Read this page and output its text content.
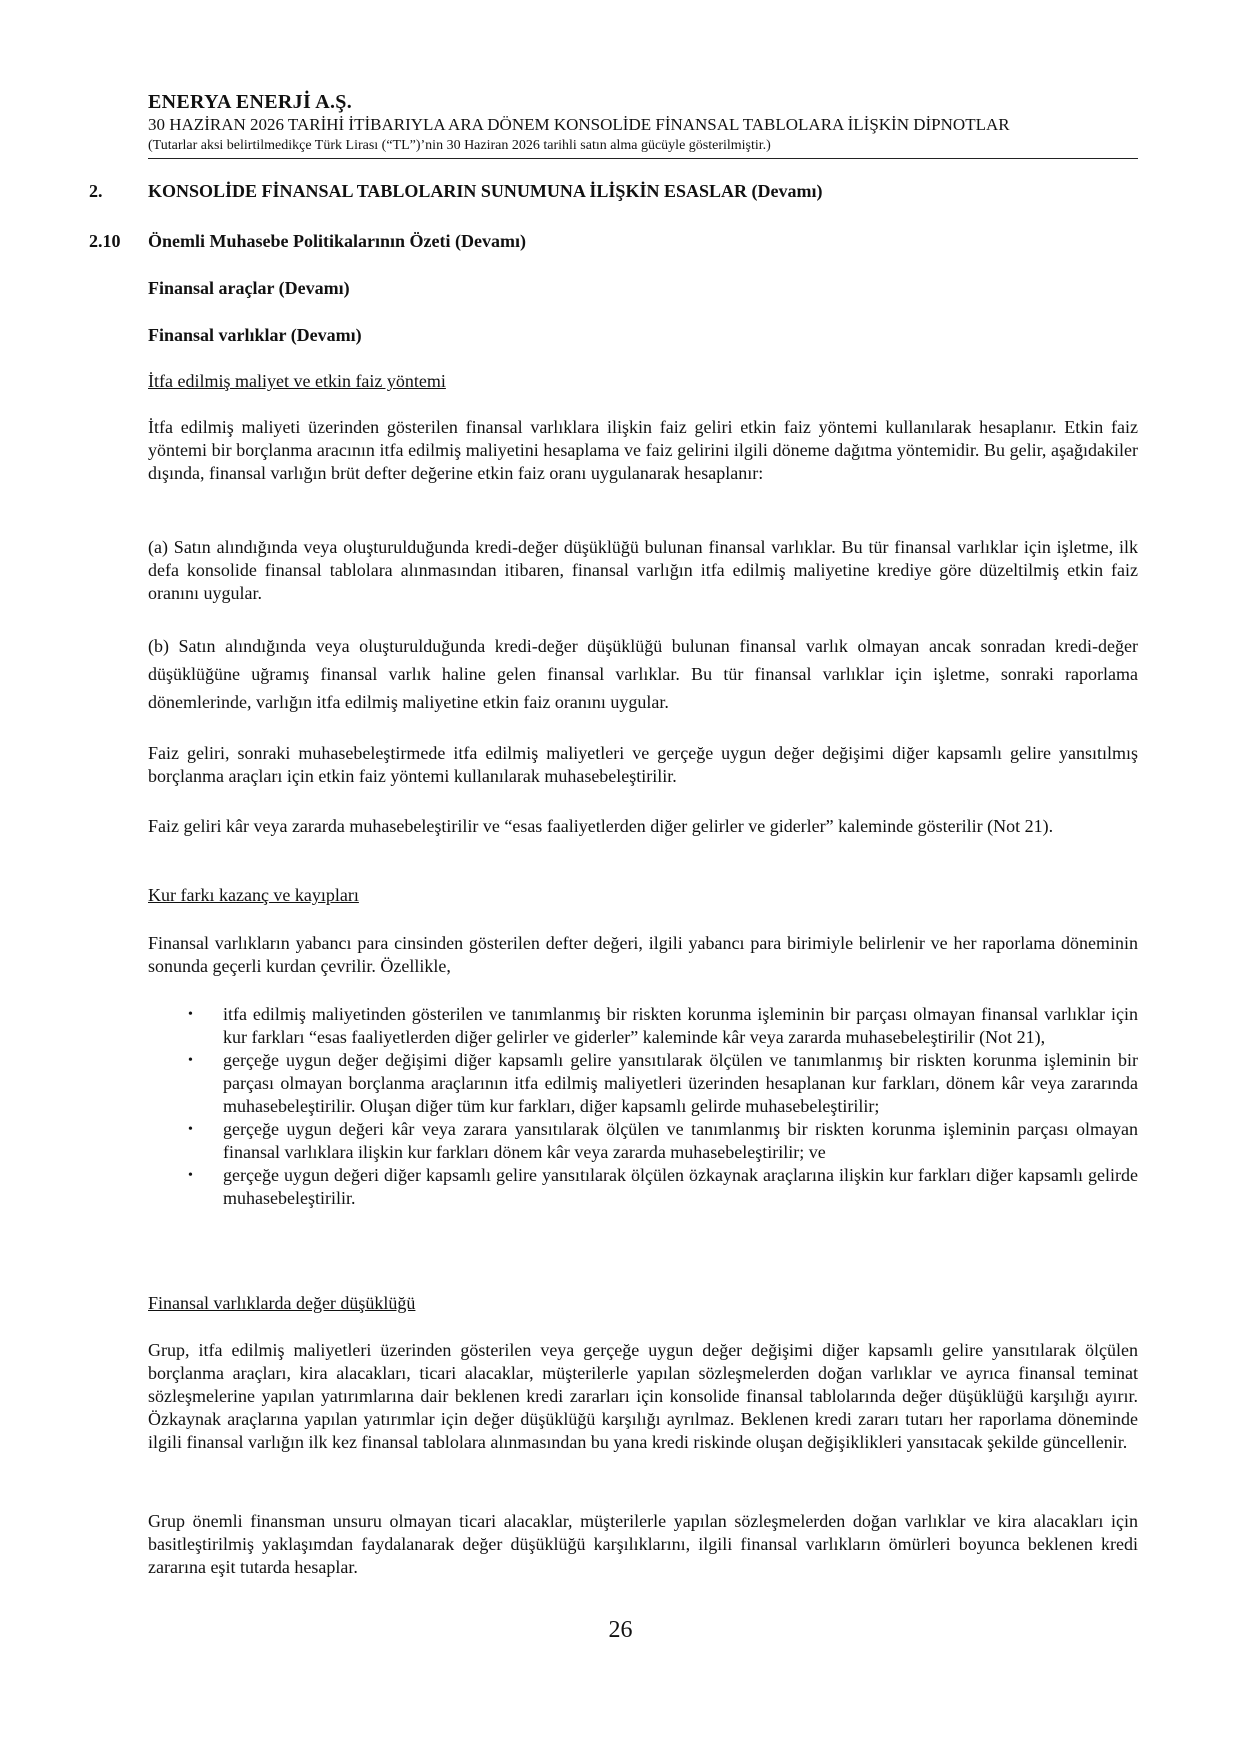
ENERYA ENERJİ A.Ş.
30 HAZİRAN 2026 TARİHİ İTİBARIYLA ARA DÖNEM KONSOLİDE FİNANSAL TABLOLARA İLİŞKİN DİPNOTLAR
(Tutarlar aksi belirtilmedikçe Türk Lirası (“TL”)’nin 30 Haziran 2026 tarihli satın alma gücüyle gösterilmiştir.)
2.	KONSOLİDE FİNANSAL TABLOLARIN SUNUMUNA İLİŞKİN ESASLAR (Devamı)
2.10 Önemli Muhasebe Politikalarının Özeti (Devamı)
Finansal araçlar (Devamı)
Finansal varlıklar (Devamı)
İtfa edilmiş maliyet ve etkin faiz yöntemi
İtfa edilmiş maliyeti üzerinden gösterilen finansal varlıklara ilişkin faiz geliri etkin faiz yöntemi kullanılarak hesaplanır. Etkin faiz yöntemi bir borçlanma aracının itfa edilmiş maliyetini hesaplama ve faiz gelirini ilgili döneme dağıtma yöntemidir. Bu gelir, aşağıdakiler dışında, finansal varlığın brüt defter değerine etkin faiz oranı uygulanarak hesaplanır:
(a) Satın alındığında veya oluşturulduğunda kredi-değer düşüklüğü bulunan finansal varlıklar. Bu tür finansal varlıklar için işletme, ilk defa konsolide finansal tablolara alınmasından itibaren, finansal varlığın itfa edilmiş maliyetine krediye göre düzeltilmiş etkin faiz oranını uygular.
(b) Satın alındığında veya oluşturulduğunda kredi-değer düşüklüğü bulunan finansal varlık olmayan ancak sonradan kredi-değer düşüklüğüne uğramış finansal varlık haline gelen finansal varlıklar. Bu tür finansal varlıklar için işletme, sonraki raporlama dönemlerinde, varlığın itfa edilmiş maliyetine etkin faiz oranını uygular.
Faiz geliri, sonraki muhasebeleştirmede itfa edilmiş maliyetleri ve gerçeğe uygun değer değişimi diğer kapsamlı gelire yansıtılmış borçlanma araçları için etkin faiz yöntemi kullanılarak muhasebeleştirilir.
Faiz geliri kâr veya zararda muhasebeleştirilir ve “esas faaliyetlerden diğer gelirler ve giderler” kaleminde gösterilir (Not 21).
Kur farkı kazanç ve kayıpları
Finansal varlıkların yabancı para cinsinden gösterilen defter değeri, ilgili yabancı para birimiyle belirlenir ve her raporlama döneminin sonunda geçerli kurdan çevrilir. Özellikle,
• itfa edilmiş maliyetinden gösterilen ve tanımlanmış bir riskten korunma işleminin bir parçası olmayan finansal varlıklar için kur farkları “esas faaliyetlerden diğer gelirler ve giderler” kaleminde kâr veya zararda muhasebeleştirilir (Not 21),
• gerçeğe uygun değer değişimi diğer kapsamlı gelire yansıtılarak ölçülen ve tanımlanmış bir riskten korunma işleminin bir parçası olmayan borçlanma araçlarının itfa edilmiş maliyetleri üzerinden hesaplanan kur farkları, dönem kâr veya zararında muhasebeleştirilir. Oluşan diğer tüm kur farkları, diğer kapsamlı gelirde muhasebeleştirilir;
• gerçeğe uygun değeri kâr veya zarara yansıtılarak ölçülen ve tanımlanmış bir riskten korunma işleminin parçası olmayan finansal varlıklara ilişkin kur farkları dönem kâr veya zararda muhasebeleştirilir; ve
• gerçeğe uygun değeri diğer kapsamlı gelire yansıtılarak ölçülen özkaynak araçlarına ilişkin kur farkları diğer kapsamlı gelirde muhasebeleştirilir.
Finansal varlıklarda değer düşüklüğü
Grup, itfa edilmiş maliyetleri üzerinden gösterilen veya gerçeğe uygun değer değişimi diğer kapsamlı gelire yansıtılarak ölçülen borçlanma araçları, kira alacakları, ticari alacaklar, müşterilerle yapılan sözleşmelerden doğan varlıklar ve ayrıca finansal teminat sözleşmelerine yapılan yatırımlarına dair beklenen kredi zararları için konsolide finansal tablolarında değer düşüklüğü karşılığı ayırır. Özkaynak araçlarına yapılan yatırımlar için değer düşüklüğü karşılığı ayrılmaz. Beklenen kredi zararı tutarı her raporlama döneminde ilgili finansal varlığın ilk kez finansal tablolara alınmasından bu yana kredi riskinde oluşan değişiklikleri yansıtacak şekilde güncellenir.
Grup önemli finansman unsuru olmayan ticari alacaklar, müşterilerle yapılan sözleşmelerden doğan varlıklar ve kira alacakları için basitleştirilmiş yaklaşımdan faydalanarak değer düşüklüğü karşılıklarını, ilgili finansal varlıkların ömürleri boyunca beklenen kredi zararına eşit tutarda hesaplar.
26
